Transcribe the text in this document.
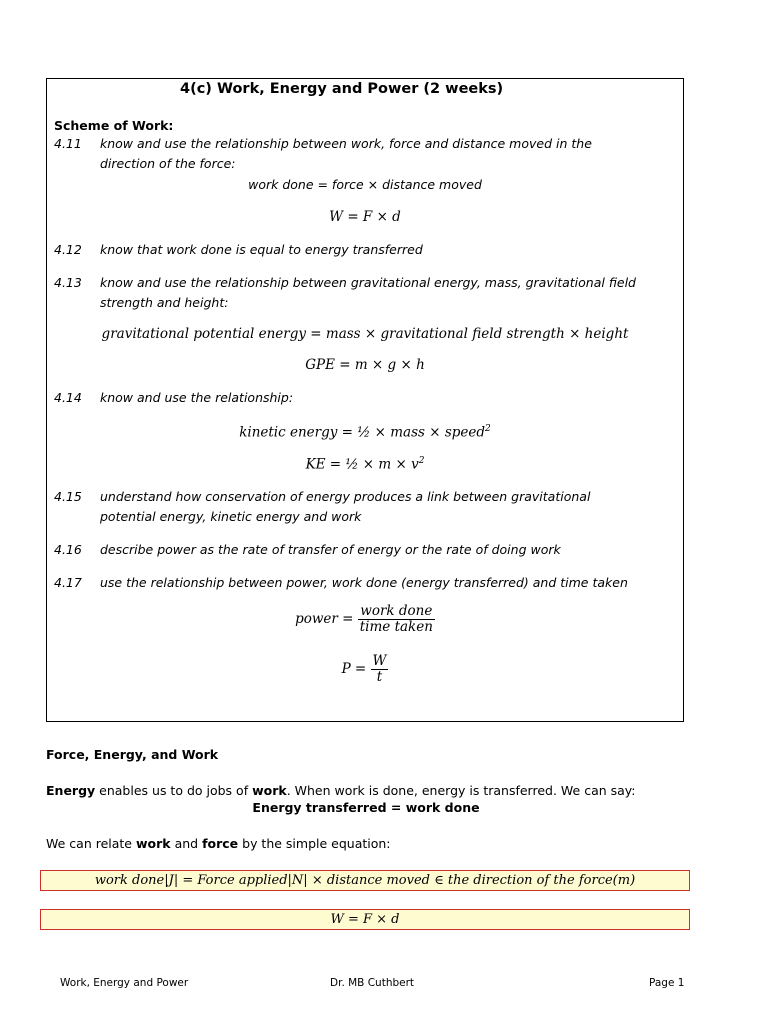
4(c) Work, Energy and Power (2 weeks)
Scheme of Work:
4.11 know and use the relationship between work, force and distance moved in the
direction of the force:
work done = force × distance moved
W = F × d
4.12 know that work done is equal to energy transferred
4.13 know and use the relationship between gravitational energy, mass, gravitational field
strength and height:
gravitational potential energy = mass × gravitational field strength × height
GPE = m × g × h
4.14 know and use the relationship:
kinetic energy = ½ × mass × speed$^2$
KE = ½ × $m \times v^2$
4.15 understand how conservation of energy produces a link between gravitational
potential energy, kinetic energy and work
4.16 describe power as the rate of transfer of energy or the rate of doing work
4.17 use the relationship between power, work done (energy transferred) and time taken
power = $\frac{\text{work done}}{\text{time taken}}$
$P = \frac{W}{t}$
Force, Energy, and Work
Energy enables us to do jobs of work. When work is done, energy is transferred. We can say:
Energy transferred = work done
We can relate work and force by the simple equation:
work done|J| = Force applied|N| × distance moved ∈ the direction of the force(m)
W = F × d
Work, Energy and Power	Dr. MB Cuthbert	Page 1
